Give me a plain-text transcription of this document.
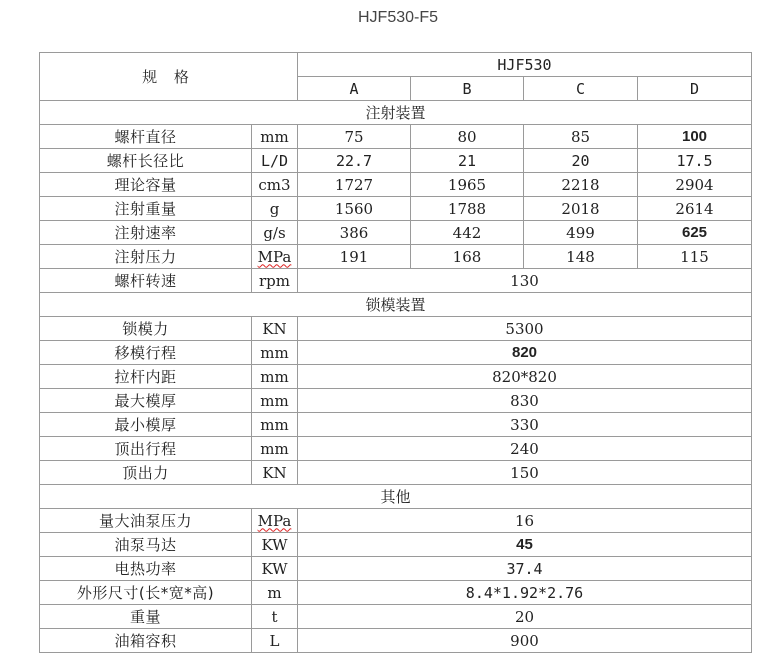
HJF530-F5
规 格		HJF530			
		A	B	C	D
注射装置					
螺杆直径	mm	75	80	85	100
螺杆长径比	L/D	22.7	21	20	17.5
理论容量	cm3	1727	1965	2218	2904
注射重量	g	1560	1788	2018	2614
注射速率	g/s	386	442	499	625
注射压力	MPa	191	168	148	115
螺杆转速	rpm	130			
锁模装置					
锁模力	KN	5300			
移模行程	mm	820			
拉杆内距	mm	820*820			
最大模厚	mm	830			
最小模厚	mm	330			
顶出行程	mm	240			
顶出力	KN	150			
其他					
量大油泵压力	MPa	16			
油泵马达	KW	45			
电热功率	KW	37.4			
外形尺寸(长*宽*高)	m	8.4*1.92*2.76			
重量	t	20			
油箱容积	L	900			
